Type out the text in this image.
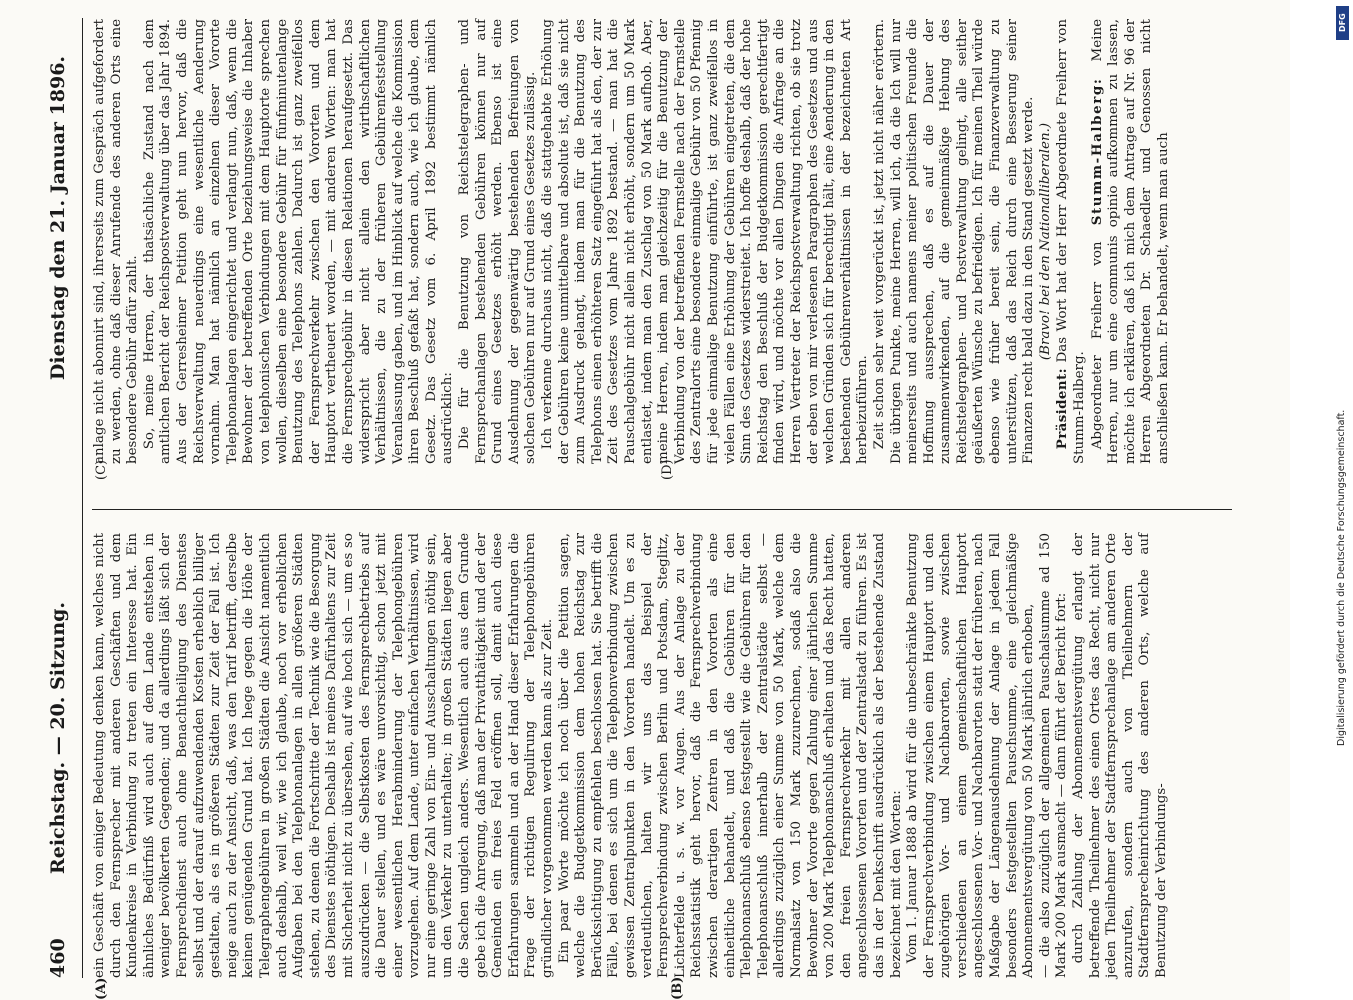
460
Reichstag. — 20. Sitzung.
Dienstag den 21. Januar 1896.
(A)	(B)
(C)	(D)

ein Geschäft von einiger Bedeutung denken kann, welches nicht durch den Fernsprecher mit anderen Geschäften und dem Kundenkreise in Verbindung zu treten ein Interesse hat. Ein ähnliches Bedürfniß wird auch auf dem Lande entstehen in weniger bevölkerten Gegenden; und da allerdings läßt sich der Fernsprechdienst auch ohne Benachtheiligung des Dienstes selbst und der darauf aufzuwendenden Kosten erheblich billiger gestalten, als es in größeren Städten zur Zeit der Fall ist. Ich neige auch zu der Ansicht, daß, was den Tarif betrifft, derselbe keinen genügenden Grund hat. Ich hege gegen die Höhe der Telegraphengebühren in großen Städten die Ansicht namentlich auch deshalb, weil wir, wie ich glaube, noch vor erheblichen Aufgaben bei den Telephonanlagen in allen größeren Städten stehen, zu denen die Fortschritte der Technik wie die Besorgung des Dienstes nöthigen. Deshalb ist meines Dafürhaltens zur Zeit mit Sicherheit nicht zu übersehen, auf wie hoch sich — um es so auszudrücken — die Selbstkosten des Fernsprechbetriebs auf die Dauer stellen, und es wäre unvorsichtig, schon jetzt mit einer wesentlichen Herabminderung der Telephongebühren vorzugehen. Auf dem Lande, unter einfachen Verhältnissen, wird nur eine geringe Zahl von Ein- und Ausschaltungen nöthig sein, um den Verkehr zu unterhalten; in großen Städten liegen aber die Sachen ungleich anders. Wesentlich auch aus dem Grunde gebe ich die Anregung, daß man der Privatthätigkeit und der der Gemeinden ein freies Feld eröffnen soll, damit auch diese Erfahrungen sammeln und an der Hand dieser Erfahrungen die Frage der richtigen Regulirung der Telephongebühren gründlicher vorgenommen werden kann als zur Zeit. Ein paar Worte möchte ich noch über die Petition sagen, welche die Budgetkommission dem hohen Reichstag zur Berücksichtigung zu empfehlen beschlossen hat. Sie betrifft die Fälle, bei denen es sich um die Telephonverbindung zwischen gewissen Zentralpunkten in den Vororten handelt. Um es zu verdeutlichen, halten wir uns das Beispiel der Fernsprechverbindung zwischen Berlin und Potsdam, Steglitz, Lichterfelde u. s. w. vor Augen. Aus der Anlage zu der Reichsstatistik geht hervor, daß die Fernsprechverbindung zwischen derartigen Zentren in den Vororten als eine einheitliche behandelt, und daß die Gebühren für den Telephonanschluß ebenso festgestellt wie die Gebühren für den Telephonanschluß innerhalb der Zentralstädte selbst — allerdings zuzüglich einer Summe von 50 Mark, welche dem Normalsatz von 150 Mark zuzurechnen, sodaß also die Bewohner der Vororte gegen Zahlung einer jährlichen Summe von 200 Mark Telephonanschluß erhalten und das Recht hatten, den freien Fernsprechverkehr mit allen anderen angeschlossenen Vororten und der Zentralstadt zu führen. Es ist das in der Denkschrift ausdrücklich als der bestehende Zustand bezeichnet mit den Worten: Vom 1. Januar 1888 ab wird für die unbeschränkte Benutzung der Fernsprechverbindung zwischen einem Hauptort und den zugehörigen Vor- und Nachbarorten, sowie zwischen verschiedenen an einem gemeinschaftlichen Hauptort angeschlossenen Vor- und Nachbarorten statt der früheren, nach Maßgabe der Längenausdehnung der Anlage in jedem Fall besonders festgestellten Pauschsumme, eine gleichmäßige Abonnementsvergütung von 50 Mark jährlich erhoben, — die also zuzüglich der allgemeinen Pauschalsumme ad 150 Mark 200 Mark ausmacht — dann führt der Bericht fort: durch Zahlung der Abonnementsvergütung erlangt der betreffende Theilnehmer des einen Ortes das Recht, nicht nur jeden Theilnehmer der Stadtfernsprechanlage am anderen Orte anzurufen, sondern auch von Theilnehmern der Stadtfernsprecheinrichtung des anderen Orts, welche auf Benutzung der Verbindungs-

anlage nicht abonnirt sind, ihrerseits zum Gespräch aufgefordert zu werden, ohne daß dieser Anrufende des anderen Orts eine besondere Gebühr dafür zahlt. So, meine Herren, der thatsächliche Zustand nach dem amtlichen Bericht der Reichspostverwaltung über das Jahr 1894. Aus der Gerresheimer Petition geht nun hervor, daß die Reichsverwaltung neuerdings eine wesentliche Aenderung vornahm. Man hat nämlich an einzelnen dieser Vororte Telephonanlagen eingerichtet und verlangt nun, daß, wenn die Bewohner der betreffenden Orte beziehungsweise die Inhaber von telephonischen Verbindungen mit dem Hauptorte sprechen wollen, dieselben eine besondere Gebühr für fünfminutenlange Benutzung des Telephons zahlen. Dadurch ist ganz zweifellos der Fernsprechverkehr zwischen den Vororten und dem Hauptort vertheuert worden, — mit anderen Worten: man hat die Fernsprechgebühr in diesen Relationen heraufgesetzt. Das widerspricht aber nicht allein den wirthschaftlichen Verhältnissen, die zu der früheren Gebührenfeststellung Veranlassung gaben, und im Hinblick auf welche die Kommission ihren Beschluß gefaßt hat, sondern auch, wie ich glaube, dem Gesetz. Das Gesetz vom 6. April 1892 bestimmt nämlich ausdrücklich: Die für die Benutzung von Reichstelegraphen- und Fernsprechanlagen bestehenden Gebühren können nur auf Grund eines Gesetzes erhöht werden. Ebenso ist eine Ausdehnung der gegenwärtig bestehenden Befreiungen von solchen Gebühren nur auf Grund eines Gesetzes zulässig. Ich verkenne durchaus nicht, daß die stattgehabte Erhöhung der Gebühren keine unmittelbare und absolute ist, daß sie nicht zum Ausdruck gelangt, indem man für die Benutzung des Telephons einen erhöhteren Satz eingeführt hat als den, der zur Zeit des Gesetzes vom Jahre 1892 bestand. — man hat die Pauschalgebühr nicht allein nicht erhöht, sondern um 50 Mark entlastet, indem man den Zuschlag von 50 Mark aufhob. Aber, meine Herren, indem man gleichzeitig für die Benutzung der Verbindung von der betreffenden Fernstelle nach der Fernstelle des Zentralorts eine besondere einmalige Gebühr von 50 Pfennig für jede einmalige Benutzung einführte, ist ganz zweifellos in vielen Fällen eine Erhöhung der Gebühren eingetreten, die dem Sinn des Gesetzes widerstreitet. Ich hoffe deshalb, daß der hohe Reichstag den Beschluß der Budgetkommission gerechtfertigt finden wird, und möchte vor allen Dingen die Anfrage an die Herren Vertreter der Reichspostverwaltung richten, ob sie trotz der eben von mir verlesenen Paragraphen des Gesetzes und aus welchen Gründen sich für berechtigt hält, eine Aenderung in den bestehenden Gebührenverhältnissen in der bezeichneten Art herbeizuführen. Zeit schon sehr weit vorgerückt ist, jetzt nicht näher erörtern. Die übrigen Punkte, meine Herren, will ich, da die Ich will nur meinerseits und auch namens meiner politischen Freunde die Hoffnung aussprechen, daß es auf die Dauer der zusammenwirkenden, auf die gemeinmäßige Hebung des Reichstelegraphen- und Postverwaltung gelingt, alle seither geäußerten Wünsche zu befriedigen. Ich für meinen Theil würde ebenso wie früher bereit sein, die Finanzverwaltung zu unterstützen, daß das Reich durch eine Besserung seiner Finanzen recht bald dazu in den Stand gesetzt werde. (Bravo! bei den Nationalliberalen.)

Präsident: Das Wort hat der Herr Abgeordnete Freiherr von Stumm-Halberg. Abgeordneter Freiherr von Stumm-Halberg: Meine Herren, nur um eine communis opinio aufkommen zu lassen, möchte ich erklären, daß ich mich dem Antrage auf Nr. 96 der Herren Abgeordneten Dr. Schaedler und Genossen nicht anschließen kann. Er behandelt, wenn man auch

DFG
Digitalisierung gefördert durch die Deutsche Forschungsgemeinschaft.
